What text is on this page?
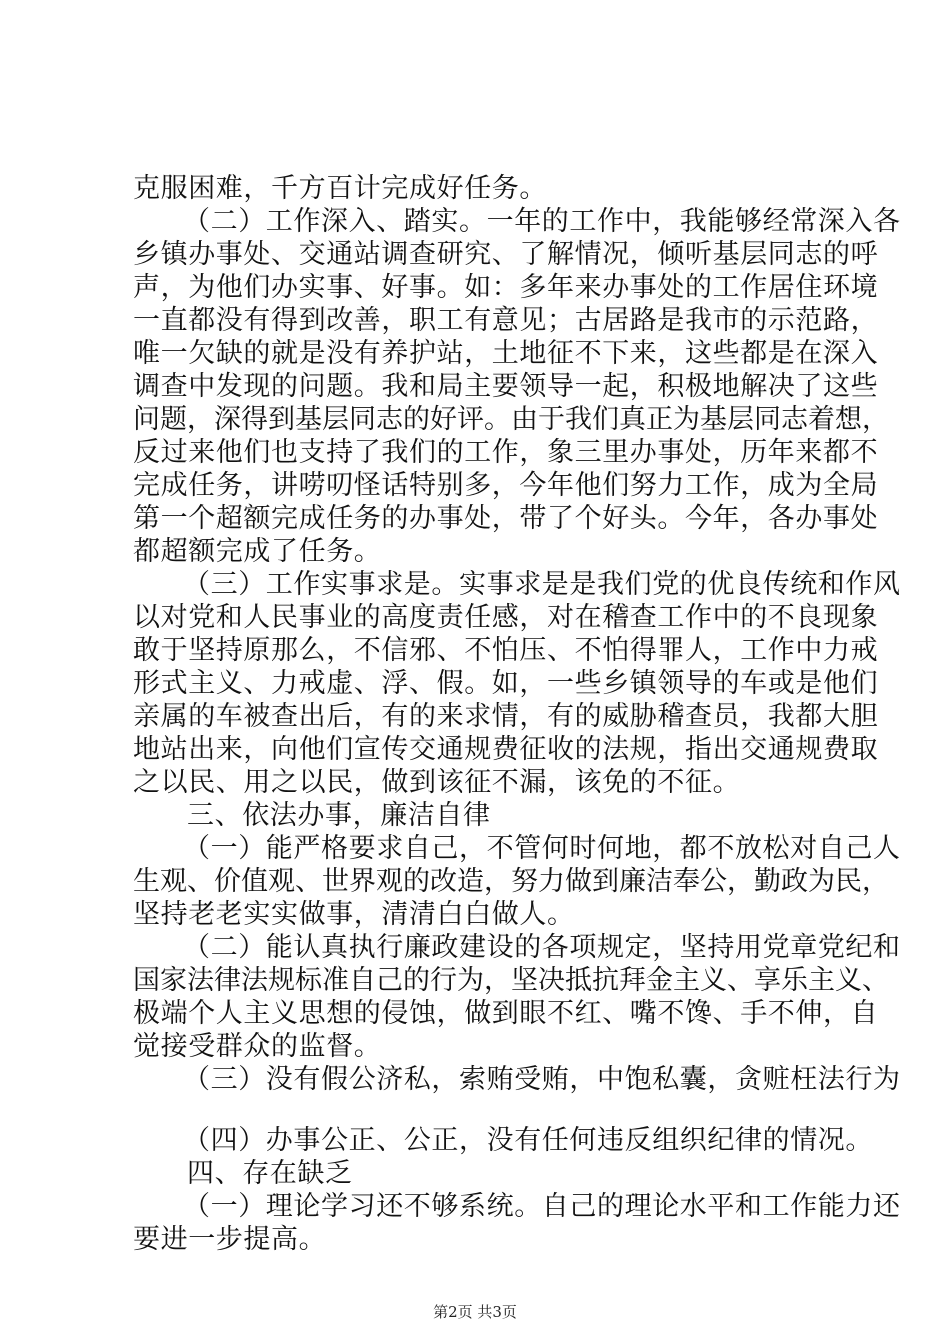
克服困难，千方百计完成好任务。
（二）工作深入、踏实。一年的工作中，我能够经常深入各
乡镇办事处、交通站调查研究、了解情况，倾听基层同志的呼
声，为他们办实事、好事。如：多年来办事处的工作居住环境
一直都没有得到改善，职工有意见；古居路是我市的示范路，
唯一欠缺的就是没有养护站，土地征不下来，这些都是在深入
调查中发现的问题。我和局主要领导一起，积极地解决了这些
问题，深得到基层同志的好评。由于我们真正为基层同志着想，
反过来他们也支持了我们的工作，象三里办事处，历年来都不
完成任务，讲唠叨怪话特别多，今年他们努力工作，成为全局
第一个超额完成任务的办事处，带了个好头。今年，各办事处
都超额完成了任务。
（三）工作实事求是。实事求是是我们党的优良传统和作风
以对党和人民事业的高度责任感，对在稽查工作中的不良现象
敢于坚持原那么，不信邪、不怕压、不怕得罪人，工作中力戒
形式主义、力戒虚、浮、假。如，一些乡镇领导的车或是他们
亲属的车被查出后，有的来求情，有的威胁稽查员，我都大胆
地站出来，向他们宣传交通规费征收的法规，指出交通规费取
之以民、用之以民，做到该征不漏，该免的不征。
三、依法办事，廉洁自律
（一）能严格要求自己，不管何时何地，都不放松对自己人
生观、价值观、世界观的改造，努力做到廉洁奉公，勤政为民，
坚持老老实实做事，清清白白做人。
（二）能认真执行廉政建设的各项规定，坚持用党章党纪和
国家法律法规标准自己的行为，坚决抵抗拜金主义、享乐主义、
极端个人主义思想的侵蚀，做到眼不红、嘴不馋、手不伸，自
觉接受群众的监督。
（三）没有假公济私，索贿受贿，中饱私囊，贪赃枉法行为
（四）办事公正、公正，没有任何违反组织纪律的情况。
四、存在缺乏
（一）理论学习还不够系统。自己的理论水平和工作能力还
要进一步提高。
第2页 共3页
